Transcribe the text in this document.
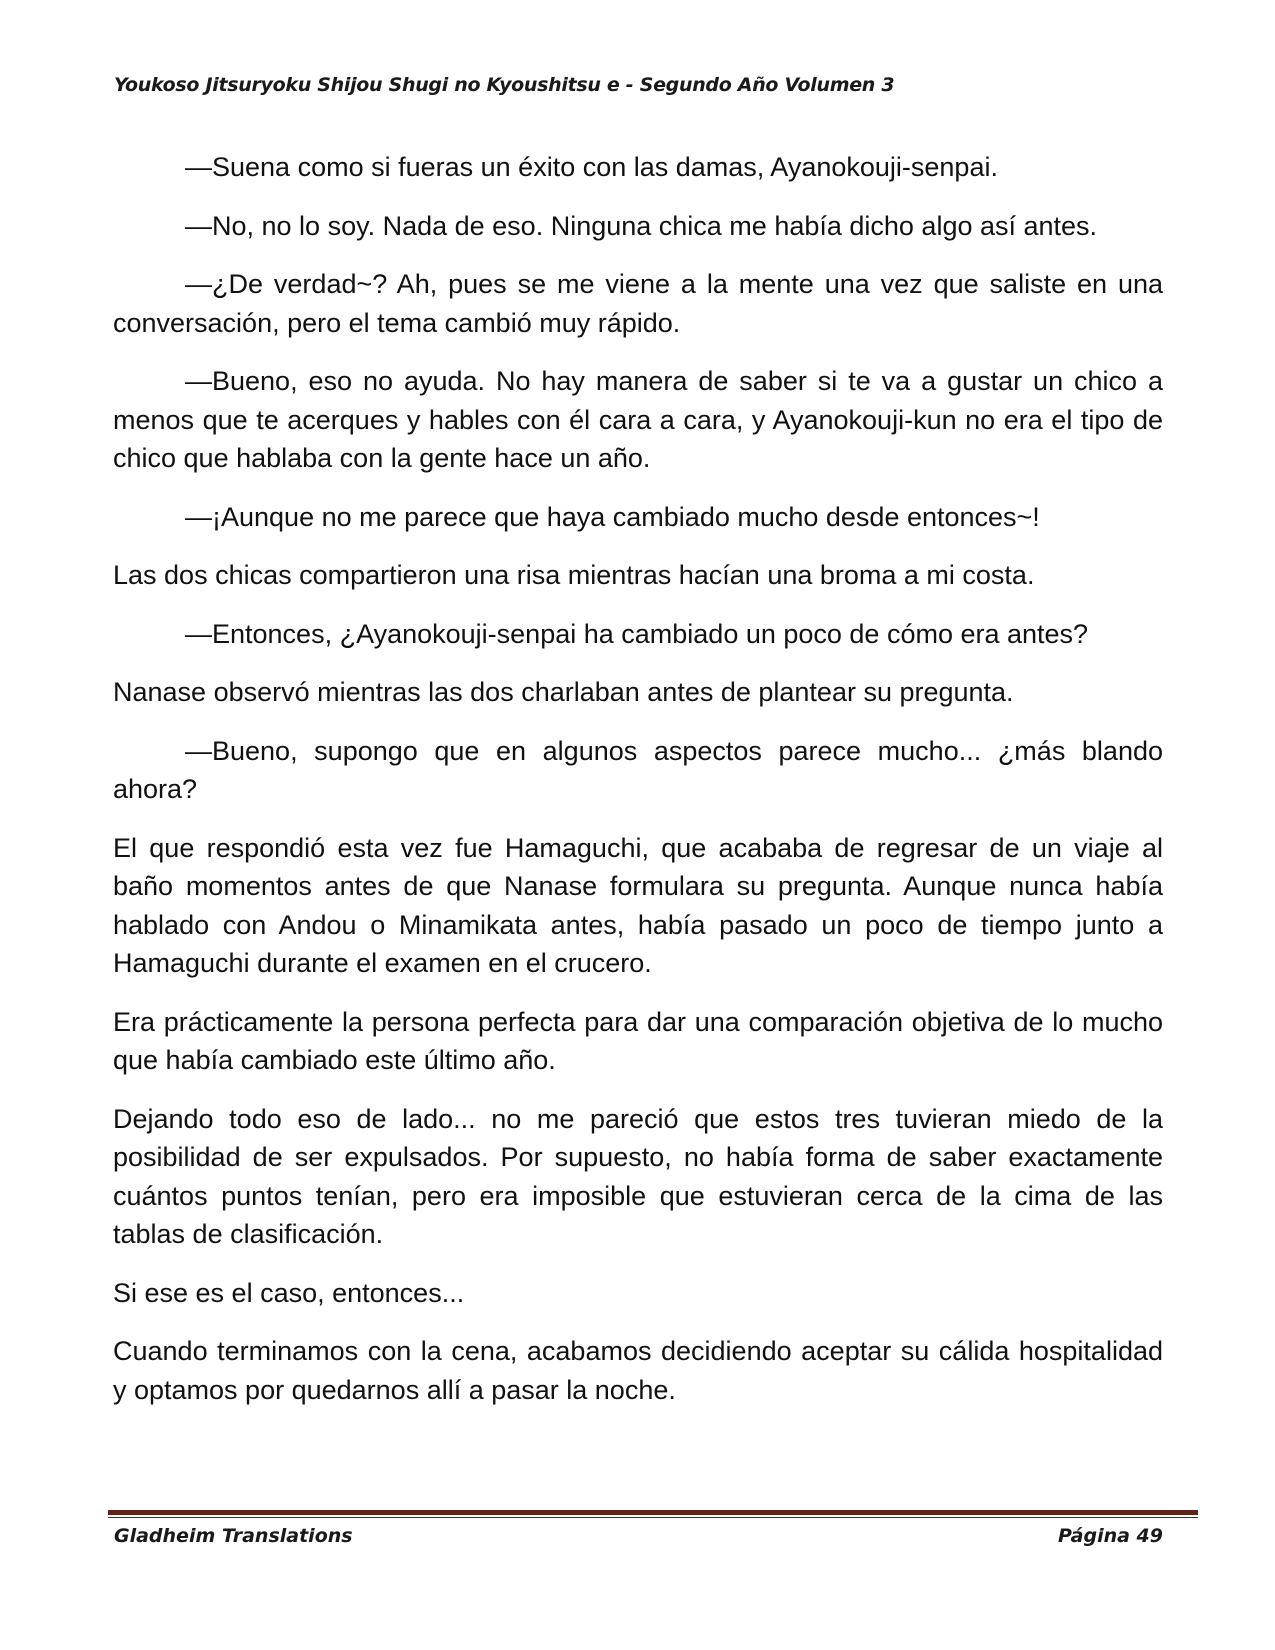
Youkoso Jitsuryoku Shijou Shugi no Kyoushitsu e - Segundo Año Volumen 3

—Suena como si fueras un éxito con las damas, Ayanokouji-senpai.

—No, no lo soy. Nada de eso. Ninguna chica me había dicho algo así antes.

—¿De verdad~? Ah, pues se me viene a la mente una vez que saliste en una conversación, pero el tema cambió muy rápido.

—Bueno, eso no ayuda. No hay manera de saber si te va a gustar un chico a menos que te acerques y hables con él cara a cara, y Ayanokouji-kun no era el tipo de chico que hablaba con la gente hace un año.

—¡Aunque no me parece que haya cambiado mucho desde entonces~!

Las dos chicas compartieron una risa mientras hacían una broma a mi costa.

—Entonces, ¿Ayanokouji-senpai ha cambiado un poco de cómo era antes?

Nanase observó mientras las dos charlaban antes de plantear su pregunta.

—Bueno, supongo que en algunos aspectos parece mucho... ¿más blando ahora?

El que respondió esta vez fue Hamaguchi, que acababa de regresar de un viaje al baño momentos antes de que Nanase formulara su pregunta. Aunque nunca había hablado con Andou o Minamikata antes, había pasado un poco de tiempo junto a Hamaguchi durante el examen en el crucero.

Era prácticamente la persona perfecta para dar una comparación objetiva de lo mucho que había cambiado este último año.

Dejando todo eso de lado... no me pareció que estos tres tuvieran miedo de la posibilidad de ser expulsados. Por supuesto, no había forma de saber exactamente cuántos puntos tenían, pero era imposible que estuvieran cerca de la cima de las tablas de clasificación.

Si ese es el caso, entonces...

Cuando terminamos con la cena, acabamos decidiendo aceptar su cálida hospitalidad y optamos por quedarnos allí a pasar la noche.

Gladheim Translations	Página 49
